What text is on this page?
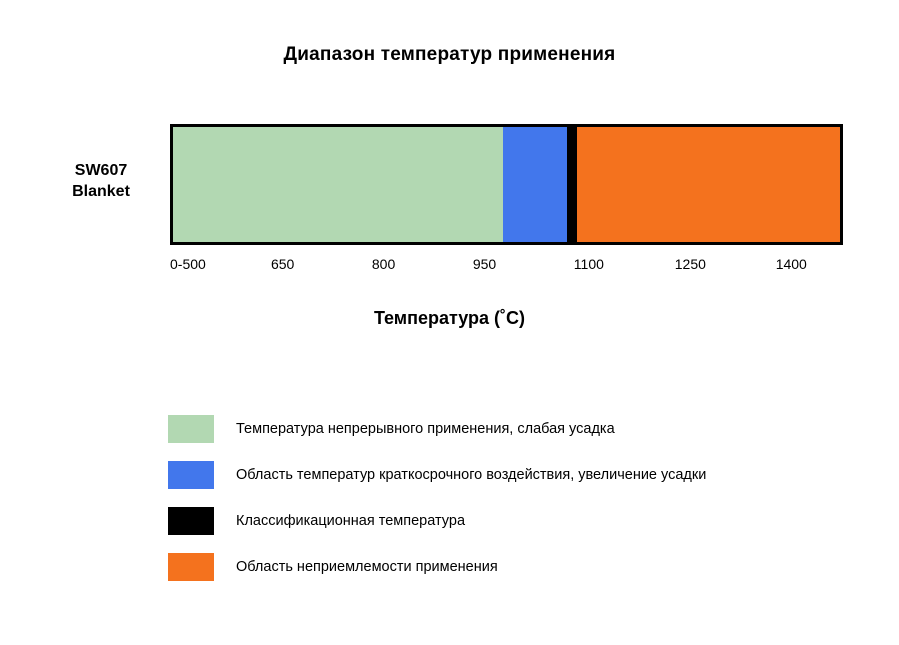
Диапазон температур применения
SW607
Blanket
0-500	650	800	950	1100	1250	1400
Температура (˚C)
Температура непрерывного применения, слабая усадка
Область температур краткосрочного воздействия, увеличение усадки
Классификационная температура
Область неприемлемости применения
